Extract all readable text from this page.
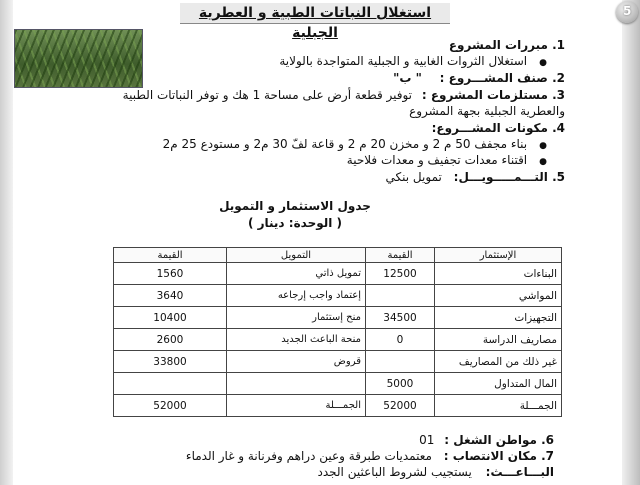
5
استغلال النباتات الطبية و العطرية الجبلية
1. مبررات المشروع
●استغلال الثروات الغابية و الجبلية المتواجدة بالولاية
2. صنف المشـــروع : " ب"
3. مستلزمات المشروع : توفير قطعة أرض على مساحة 1 هك و توفر النباتات الطبية
والعطرية الجبلية بجهة المشروع
4. مكونات المشـــروع:
●بناء مجفف 50 م 2 و مخزن 20 م 2 و قاعة لفّ 30 م2 و مستودع 25 م2
●اقتناء معدات تجفيف و معدات فلاحية
5. التـــمـــــويـــل: تمويل بنكي
جدول الاستثمار و التمويل
( الوحدة: دينار )
الإستثمار	القيمة	التمويل	القيمة
البناءات	12500	تمويل ذاتي	1560
المواشي		إعتماد واجب إرجاعه	3640
التجهيزات	34500	منح إستثمار	10400
مصاريف الدراسة	0	منحة الباعث الجديد	2600
غير ذلك من المصاريف		قروض	33800
المال المتداول	5000		
الجمـــلة	52000	الجمـــلة	52000
6. مواطن الشغل : 01
7. مكان الانتصاب : معتمديات طبرقة وعين دراهم وفرنانة و غار الدماء
البـــاعـــث: يستجيب لشروط الباعثين الجدد
